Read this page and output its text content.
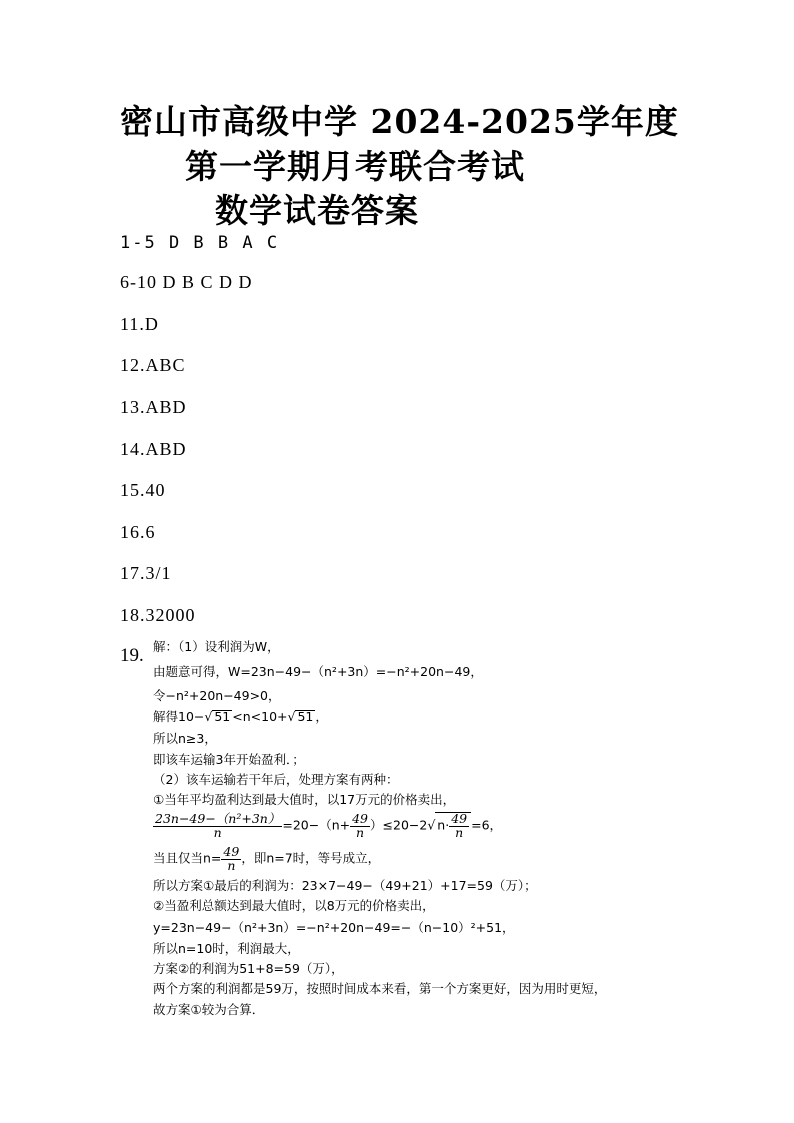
密山市高级中学 2024-2025学年度
第一学期月考联合考试
数学试卷答案
1-5 D B B A C
6-10 D B C D D
11.D
12.ABC
13.ABD
14.ABD
15.40
16.6
17.3/1
18.32000
19. 解：（1）设利润为W，
由题意可得，W=23n−49−（n²+3n）=−n²+20n−49，
令−n²+20n−49>0，
解得10−√ 51 <n<10+√ 51 ，
所以n≥3，
即该车运输3年开始盈利．；
（2）该车运输若干年后，处理方案有两种：
①当年平均盈利达到最大值时，以17万元的价格卖出，
$\frac{\text{23n−49−（n²+3n）}}{n} =20-(n+ \frac{49}{n} )\le 20-2√$ $n\cdot \frac{49}{n} =6$，
当且仅当$n= \frac{49}{n}$ ，即n=7时，等号成立，
所以方案①最后的利润为：23×7−49−（49+21）+17=59（万）；
②当盈利总额达到最大值时，以8万元的价格卖出，
y=23n−49−（n²+3n）=−n²+20n−49=−（n−10）²+51，
所以n=10时，利润最大，
方案②的利润为51+8=59（万），
两个方案的利润都是59万，按照时间成本来看，第一个方案更好，因为用时更短，
故方案①较为合算．
